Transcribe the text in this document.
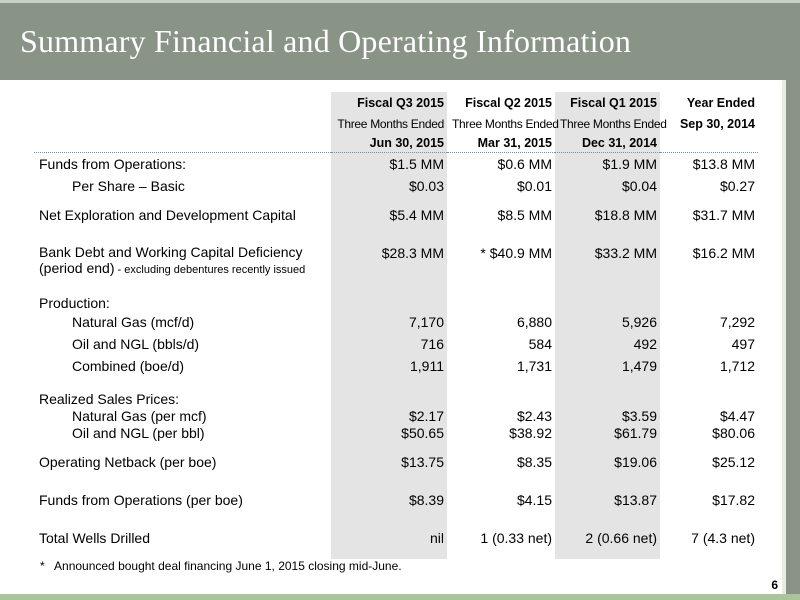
Summary Financial and Operating Information
	Fiscal Q3 2015	Fiscal Q2 2015	Fiscal Q1 2015	Year Ended
	Three Months Ended	Three Months Ended	Three Months Ended	Sep 30, 2014
	Jun 30, 2015	Mar 31, 2015	Dec 31, 2014	
Funds from Operations:	$1.5 MM	$0.6 MM	$1.9 MM	$13.8 MM
Per Share – Basic	$0.03	$0.01	$0.04	$0.27
Net Exploration and Development Capital	$5.4 MM	$8.5 MM	$18.8 MM	$31.7 MM

Bank Debt and Working Capital Deficiency
(period end) - excluding debentures recently issued	$28.3 MM	* $40.9 MM	$33.2 MM	$16.2 MM
Production:				
Natural Gas (mcf/d)	7,170	6,880	5,926	7,292
Oil and NGL (bbls/d)	716	584	492	497
Combined (boe/d)	1,911	1,731	1,479	1,712
Realized Sales Prices:				
Natural Gas (per mcf)	$2.17	$2.43	$3.59	$4.47
Oil and NGL (per bbl)	$50.65	$38.92	$61.79	$80.06
Operating Netback (per boe)	$13.75	$8.35	$19.06	$25.12
Funds from Operations (per boe)	$8.39	$4.15	$13.87	$17.82
Total Wells Drilled	nil	1 (0.33 net)	2 (0.66 net)	7 (4.3 net)
*   Announced bought deal financing June 1, 2015 closing mid-June.
6
